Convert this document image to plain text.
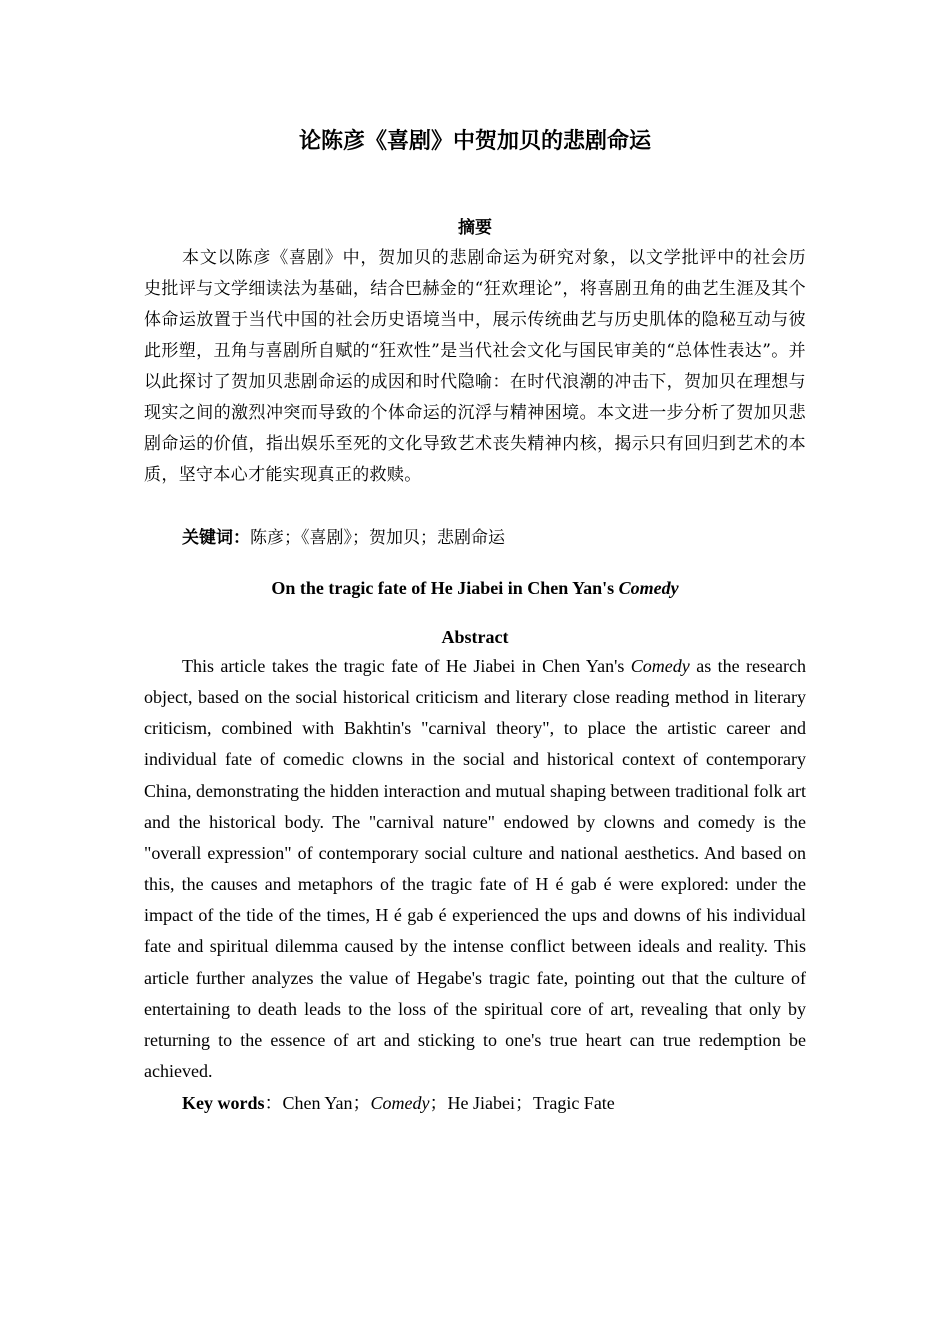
论陈彦《喜剧》中贺加贝的悲剧命运
摘要

本文以陈彦《喜剧》中，贺加贝的悲剧命运为研究对象，以文学批评中的社会历史批评与文学细读法为基础，结合巴赫金的“狂欢理论”，将喜剧丑角的曲艺生涯及其个体命运放置于当代中国的社会历史语境当中，展示传统曲艺与历史肌体的隐秘互动与彼此形塑，丑角与喜剧所自赋的“狂欢性”是当代社会文化与国民审美的“总体性表达”。并以此探讨了贺加贝悲剧命运的成因和时代隐喻：在时代浪潮的冲击下，贺加贝在理想与现实之间的激烈冲突而导致的个体命运的沉浮与精神困境。本文进一步分析了贺加贝悲剧命运的价值，指出娱乐至死的文化导致艺术丧失精神内核，揭示只有回归到艺术的本质，坚守本心才能实现真正的救赎。

关键词：陈彦；《喜剧》；贺加贝；悲剧命运

On the tragic fate of He Jiabei in Chen Yan's Comedy
Abstract

This article takes the tragic fate of He Jiabei in Chen Yan's Comedy as the research object, based on the social historical criticism and literary close reading method in literary criticism, combined with Bakhtin's "carnival theory", to place the artistic career and individual fate of comedic clowns in the social and historical context of contemporary China, demonstrating the hidden interaction and mutual shaping between traditional folk art and the historical body. The "carnival nature" endowed by clowns and comedy is the "overall expression" of contemporary social culture and national aesthetics. And based on this, the causes and metaphors of the tragic fate of H é gab é were explored: under the impact of the tide of the times, H é gab é experienced the ups and downs of his individual fate and spiritual dilemma caused by the intense conflict between ideals and reality. This article further analyzes the value of Hegabe's tragic fate, pointing out that the culture of entertaining to death leads to the loss of the spiritual core of art, revealing that only by returning to the essence of art and sticking to one's true heart can true redemption be achieved.

Key words：Chen Yan；Comedy；He Jiabei；Tragic Fate
